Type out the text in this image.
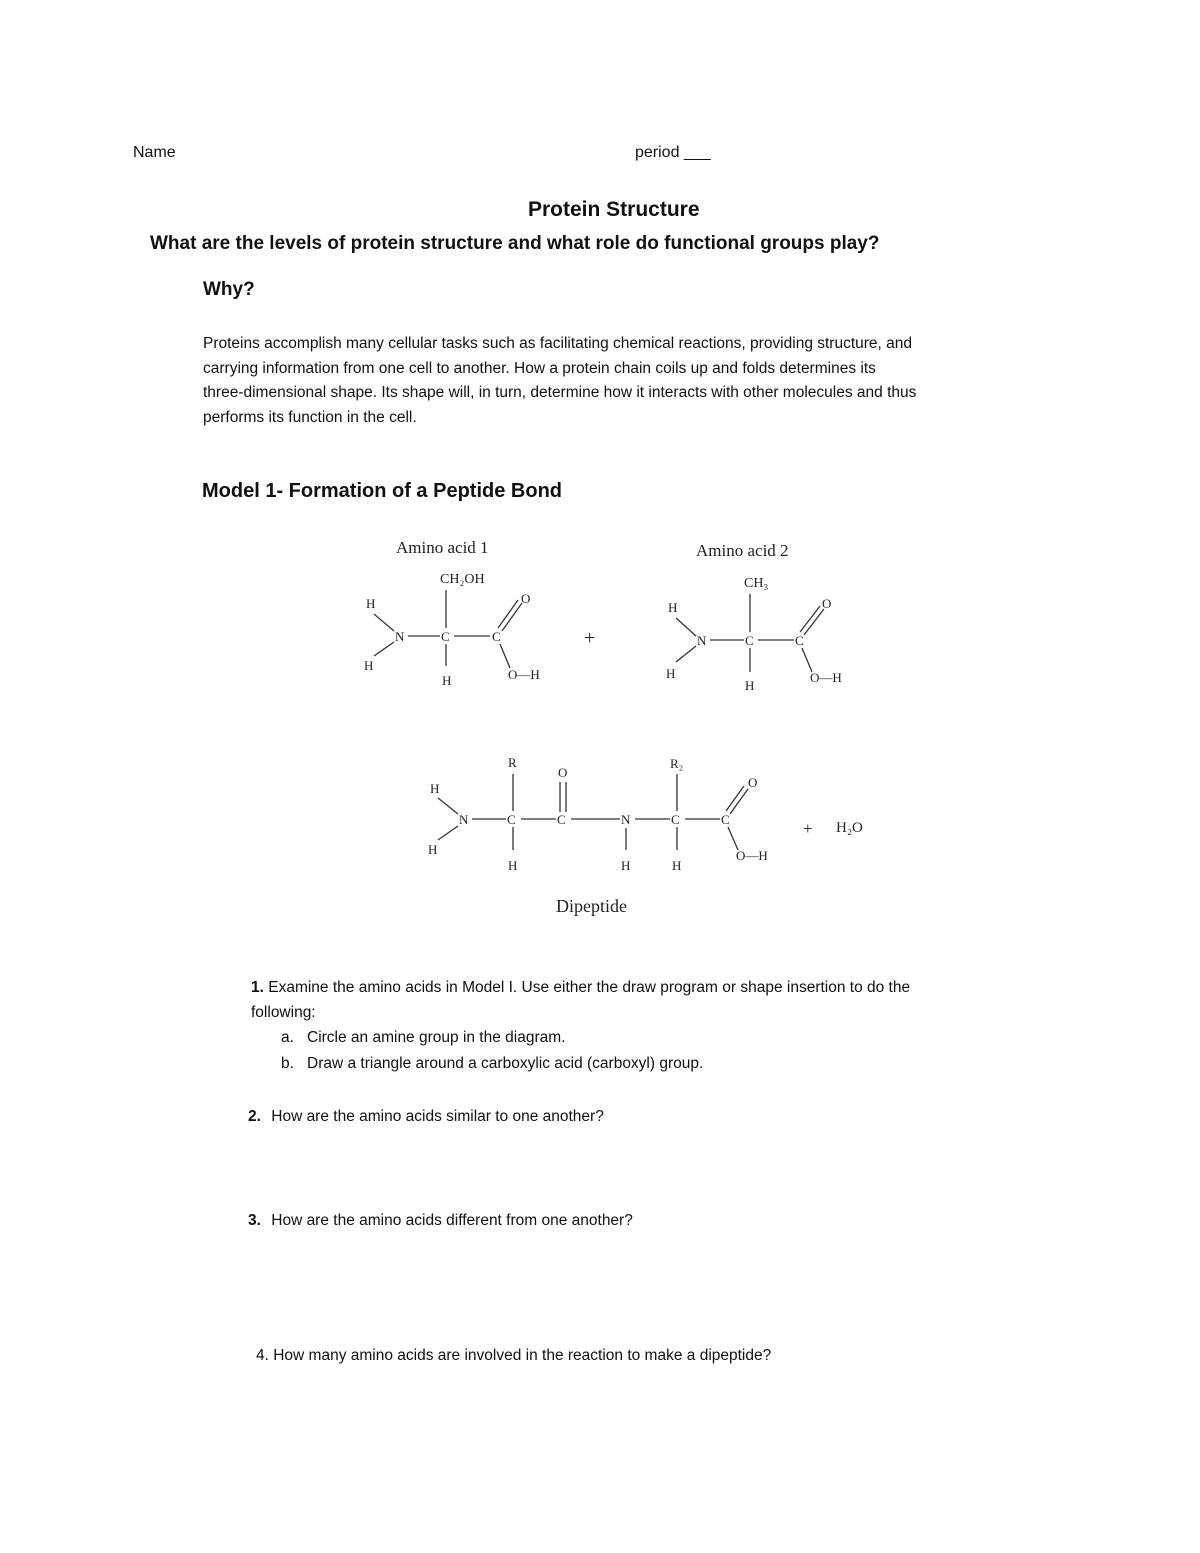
Name	period ___
Protein Structure
What are the levels of protein structure and what role do functional groups play?
Why?

Proteins accomplish many cellular tasks such as facilitating chemical reactions, providing structure, and

carrying information from one cell to another. How a protein chain coils up and folds determines its

three-dimensional shape. Its shape will, in turn, determine how it interacts with other molecules and thus

performs its function in the cell.

Model 1- Formation of a Peptide Bond
Amino acid 1
CH₂OH
H
N
H
C
H
C
O
O—H
+
Amino acid 2
CH₃
H
N
H
C
H
C
O
O—H
H
N
H
C
R
H
C
O
N
H
C
R₂
H
C
O
O—H
+ H₂O
Dipeptide
1. Examine the amino acids in Model I. Use either the draw program or shape insertion to do the
following:
a. Circle an amine group in the diagram.
b. Draw a triangle around a carboxylic acid (carboxyl) group.
2. How are the amino acids similar to one another?
3. How are the amino acids different from one another?
4. How many amino acids are involved in the reaction to make a dipeptide?
